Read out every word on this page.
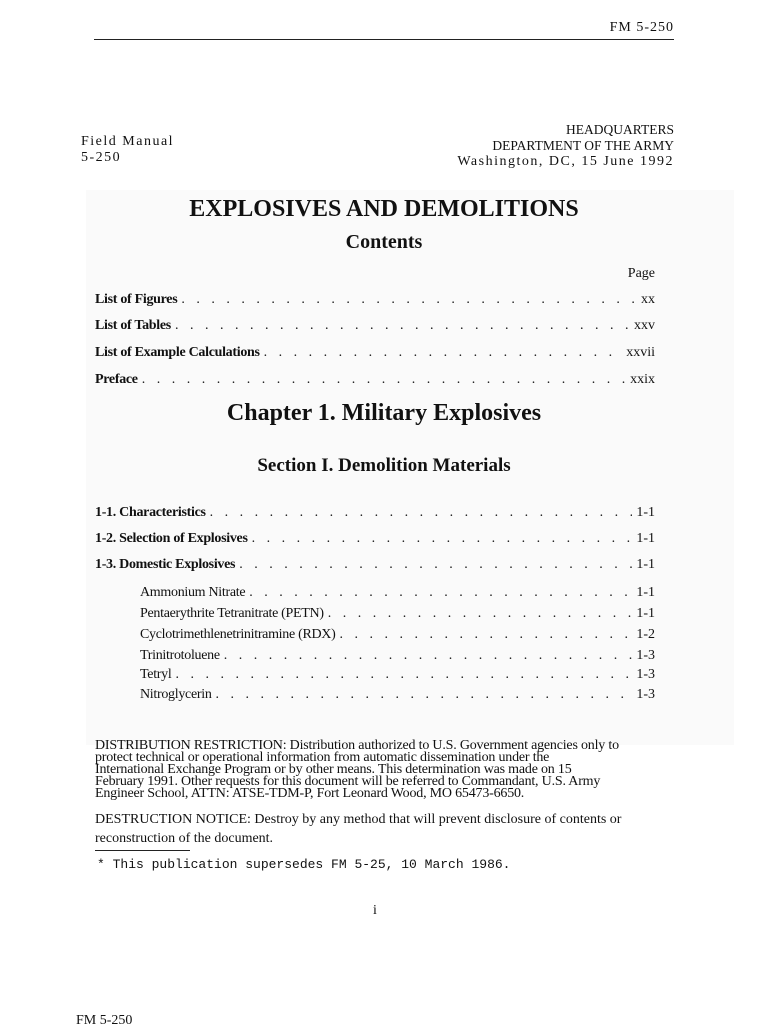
FM 5-250
Field Manual
5-250
HEADQUARTERS
DEPARTMENT OF THE ARMY
Washington, DC, 15 June 1992
EXPLOSIVES AND DEMOLITIONS
Contents
Page
List of Figures . . .	xx
List of Tables . . .	xxv
List of Example Calculations . . .	xxvii
Preface . . .	xxix
Chapter 1. Military Explosives
Section I. Demolition Materials
1-1. Characteristics . . .	1-1
1-2. Selection of Explosives . . .	1-1
1-3. Domestic Explosives . . .	1-1
Ammonium Nitrate . . .	1-1
Pentaerythrite Tetranitrate (PETN) . . .	1-1
Cyclotrimethlenetrinitramine (RDX) . . .	1-2
Trinitrotoluene . . .	1-3
Tetryl . . .	1-3
Nitroglycerin . . .	1-3
DISTRIBUTION RESTRICTION: Distribution authorized to U.S. Government agencies only to
protect technical or operational information from automatic dissemination under the
International Exchange Program or by other means. This determination was made on 15
February 1991. Other requests for this document will be referred to Commandant, U.S. Army
Engineer School, ATTN: ATSE-TDM-P, Fort Leonard Wood, MO 65473-6650.
DESTRUCTION NOTICE: Destroy by any method that will prevent disclosure of contents or
reconstruction of the document.
* This publication supersedes FM 5-25, 10 March 1986.
i
FM 5-250
